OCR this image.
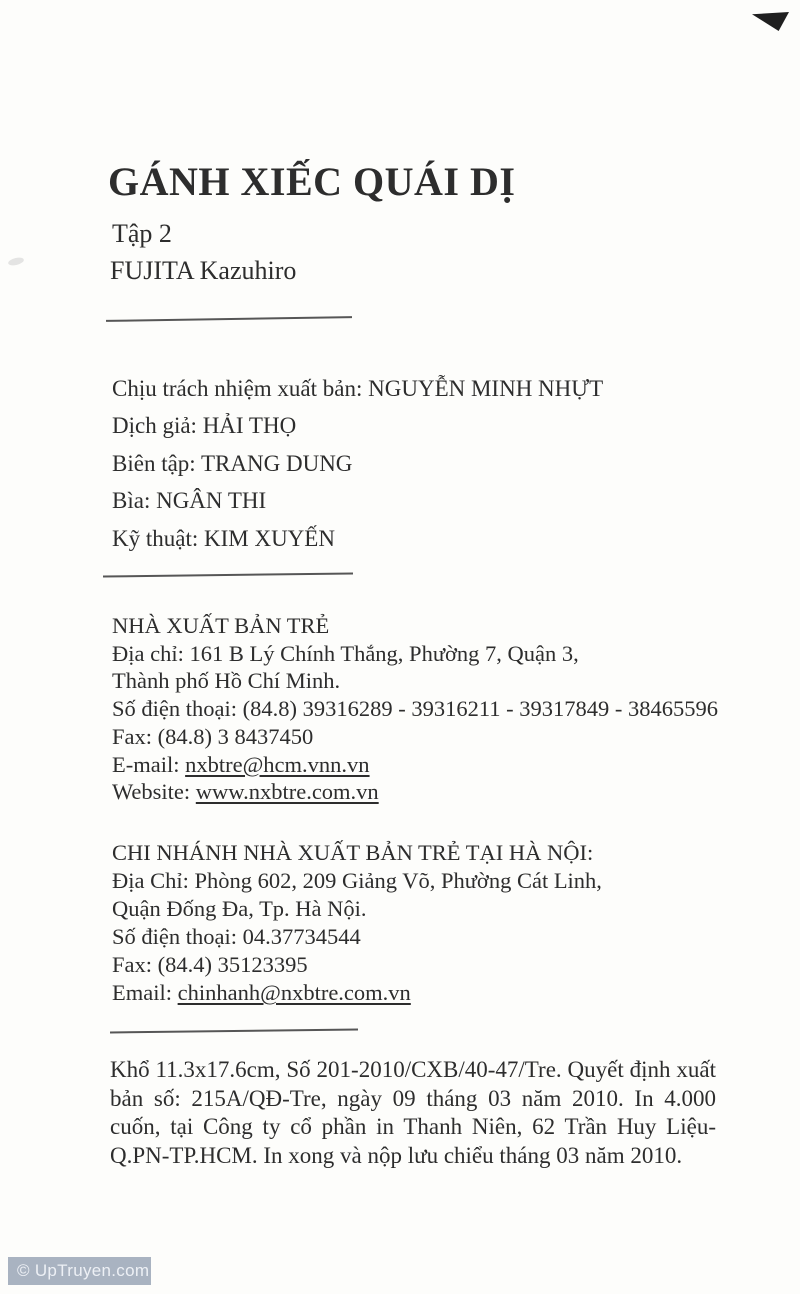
GÁNH XIẾC QUÁI DỊ
Tập 2
FUJITA Kazuhiro
Chịu trách nhiệm xuất bản: NGUYỄN MINH NHỰT
Dịch giả: HẢI THỌ
Biên tập: TRANG DUNG
Bìa: NGÂN THI
Kỹ thuật: KIM XUYẾN
NHÀ XUẤT BẢN TRẺ
Địa chỉ: 161 B Lý Chính Thắng, Phường 7, Quận 3,
Thành phố Hồ Chí Minh.
Số điện thoại: (84.8) 39316289 - 39316211 - 39317849 - 38465596
Fax: (84.8) 3 8437450
E-mail: nxbtre@hcm.vnn.vn
Website: www.nxbtre.com.vn
CHI NHÁNH NHÀ XUẤT BẢN TRẺ TẠI HÀ NỘI:
Địa Chỉ: Phòng 602, 209 Giảng Võ, Phường Cát Linh,
Quận Đống Đa, Tp. Hà Nội.
Số điện thoại: 04.37734544
Fax: (84.4) 35123395
Email: chinhanh@nxbtre.com.vn

Khổ 11.3x17.6cm, Số 201-2010/CXB/40-47/Tre. Quyết định xuất bản số: 215A/QĐ-Tre, ngày 09 tháng 03 năm 2010. In 4.000 cuốn, tại Công ty cổ phần in Thanh Niên, 62 Trần Huy Liệu- Q.PN-TP.HCM. In xong và nộp lưu chiểu tháng 03 năm 2010.

© UpTruyen.com
